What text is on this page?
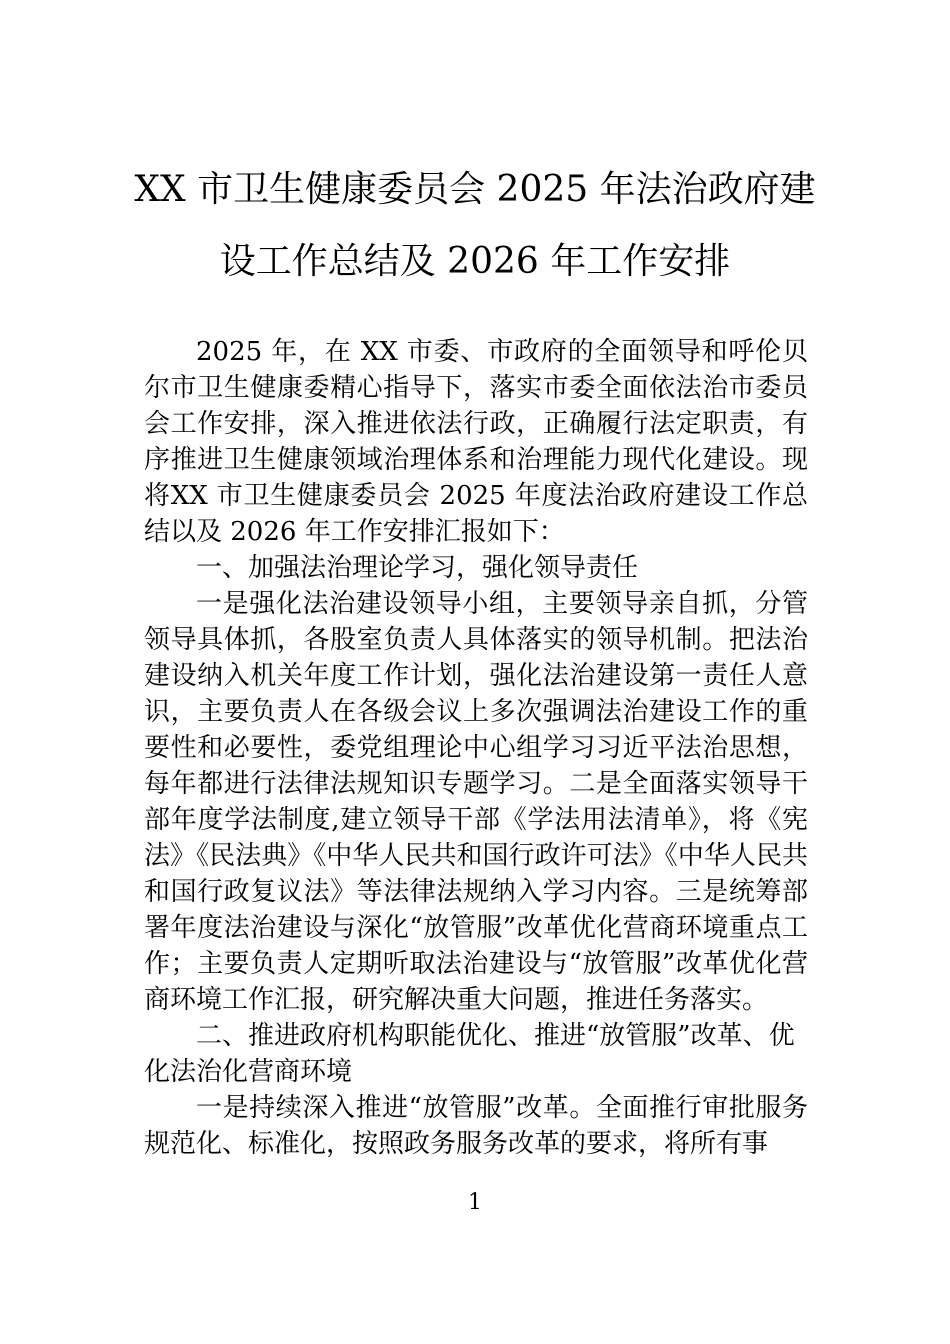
XX 市卫生健康委员会 2025 年法治政府建
设工作总结及 2026 年工作安排

2025 年，在 XX 市委、市政府的全面领导和呼伦贝尔市卫生健康委精心指导下，落实市委全面依法治市委员会工作安排，深入推进依法行政，正确履行法定职责，有序推进卫生健康领域治理体系和治理能力现代化建设。现将XX 市卫生健康委员会 2025 年度法治政府建设工作总结以及 2026 年工作安排汇报如下：

一、加强法治理论学习，强化领导责任

一是强化法治建设领导小组，主要领导亲自抓，分管领导具体抓，各股室负责人具体落实的领导机制。把法治建设纳入机关年度工作计划，强化法治建设第一责任人意识，主要负责人在各级会议上多次强调法治建设工作的重要性和必要性，委党组理论中心组学习习近平法治思想，每年都进行法律法规知识专题学习。二是全面落实领导干部年度学法制度,建立领导干部《学法用法清单》，将《宪法》《民法典》《中华人民共和国行政许可法》《中华人民共和国行政复议法》等法律法规纳入学习内容。三是统筹部署年度法治建设与深化“放管服”改革优化营商环境重点工作；主要负责人定期听取法治建设与“放管服”改革优化营商环境工作汇报，研究解决重大问题，推进任务落实。

二、推进政府机构职能优化、推进“放管服”改革、优化法治化营商环境

一是持续深入推进“放管服”改革。全面推行审批服务规范化、标准化，按照政务服务改革的要求，将所有事

1
